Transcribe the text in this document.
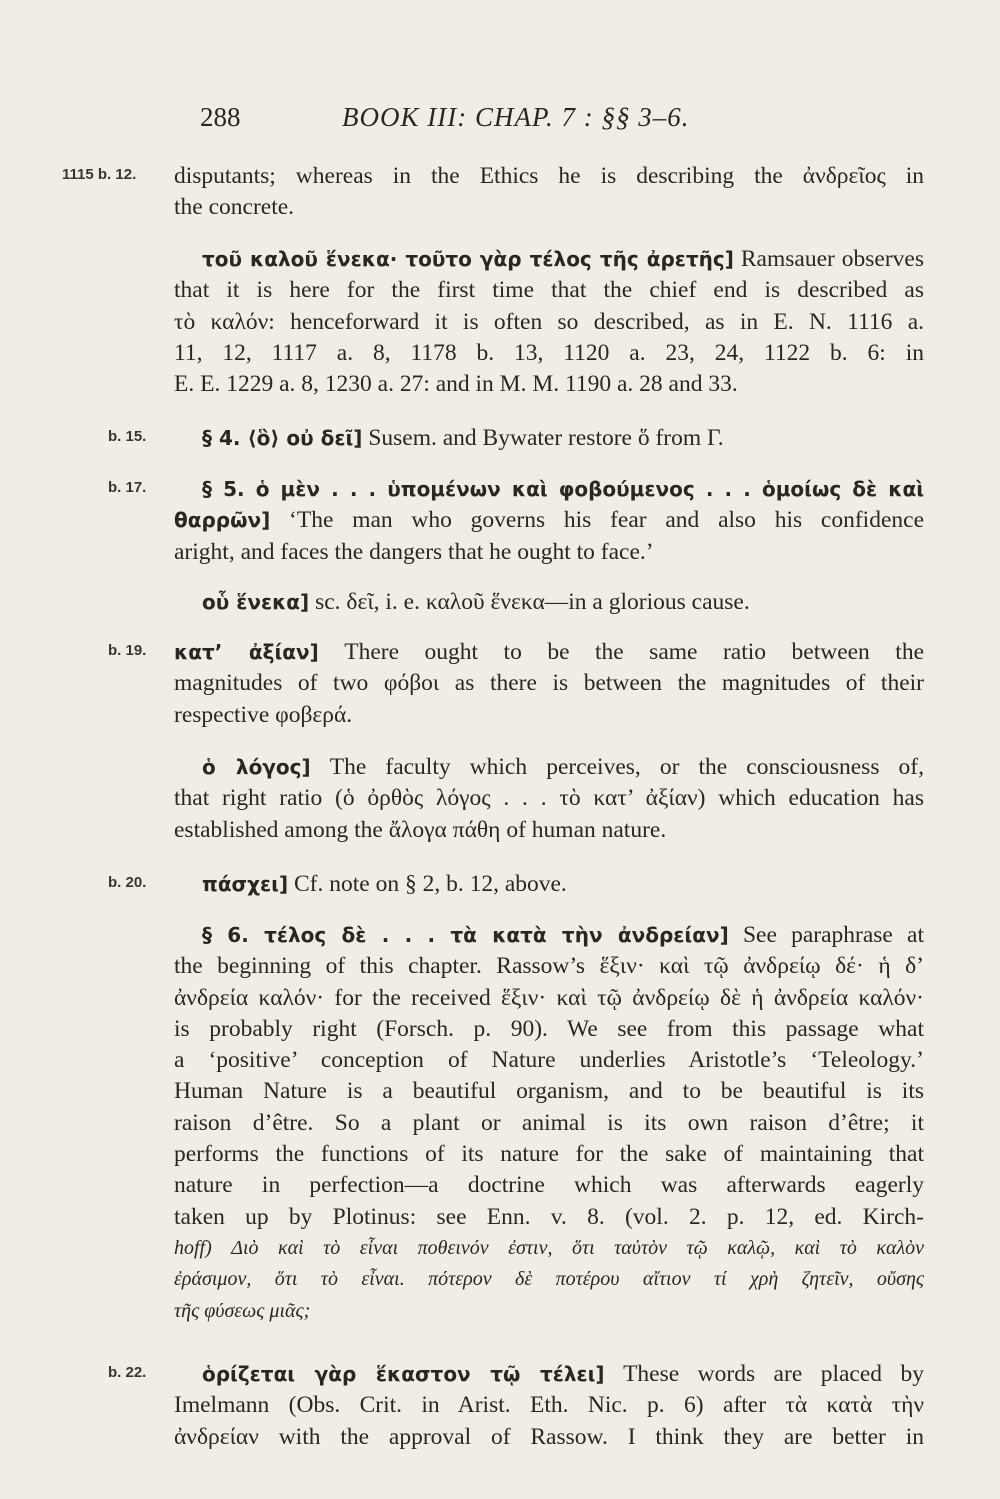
288	BOOK III: CHAP. 7 : §§ 3–6.
1115 b. 12.
b. 15.
b. 17.
b. 19.
b. 20.
b. 22.
disputants; whereas in the Ethics he is describing the ἀνδρεῖος in
the concrete.
τοῦ καλοῦ ἕνεκα· τοῦτο γὰρ τέλος τῆς ἀρετῆς] Ramsauer observes
that it is here for the first time that the chief end is described as
τὸ καλόν: henceforward it is often so described, as in E. N. 1116 a.
11, 12, 1117 a. 8, 1178 b. 13, 1120 a. 23, 24, 1122 b. 6: in
E. E. 1229 a. 8, 1230 a. 27: and in M. M. 1190 a. 28 and 33.
§ 4. ⟨ὃ⟩ οὐ δεῖ] Susem. and Bywater restore ὅ from Γ.
§ 5. ὁ μὲν . . . ὑπομένων καὶ φοβούμενος . . . ὁμοίως δὲ καὶ
θαρρῶν] ‘The man who governs his fear and also his confidence
aright, and faces the dangers that he ought to face.’
οὗ ἕνεκα] sc. δεῖ, i. e. καλοῦ ἕνεκα—in a glorious cause.
κατ’ ἀξίαν] There ought to be the same ratio between the
magnitudes of two φόβοι as there is between the magnitudes of their
respective φοβερά.
ὁ λόγος] The faculty which perceives, or the consciousness of,
that right ratio (ὁ ὀρθὸς λόγος . . . τὸ κατ’ ἀξίαν) which education has
established among the ἄλογα πάθη of human nature.
πάσχει] Cf. note on § 2, b. 12, above.
§ 6. τέλος δὲ . . . τὰ κατὰ τὴν ἀνδρείαν] See paraphrase at
the beginning of this chapter. Rassow’s ἕξιν· καὶ τῷ ἀνδρείῳ δέ· ἡ δ’
ἀνδρεία καλόν· for the received ἕξιν· καὶ τῷ ἀνδρείῳ δὲ ἡ ἀνδρεία καλόν·
is probably right (Forsch. p. 90). We see from this passage what
a ‘positive’ conception of Nature underlies Aristotle’s ‘Teleology.’
Human Nature is a beautiful organism, and to be beautiful is its
raison d’être. So a plant or animal is its own raison d’être; it
performs the functions of its nature for the sake of maintaining that
nature in perfection—a doctrine which was afterwards eagerly
taken up by Plotinus: see Enn. v. 8. (vol. 2. p. 12, ed. Kirch-
hoff) Διὸ καὶ τὸ εἶναι ποθεινόν ἐστιν, ὅτι ταὐτὸν τῷ καλῷ, καὶ τὸ καλὸν
ἐράσιμον, ὅτι τὸ εἶναι. πότερον δὲ ποτέρου αἴτιον τί χρὴ ζητεῖν, οὔσης
τῆς φύσεως μιᾶς;
ὁρίζεται γὰρ ἕκαστον τῷ τέλει] These words are placed by
Imelmann (Obs. Crit. in Arist. Eth. Nic. p. 6) after τὰ κατὰ τὴν
ἀνδρείαν with the approval of Rassow. I think they are better in
